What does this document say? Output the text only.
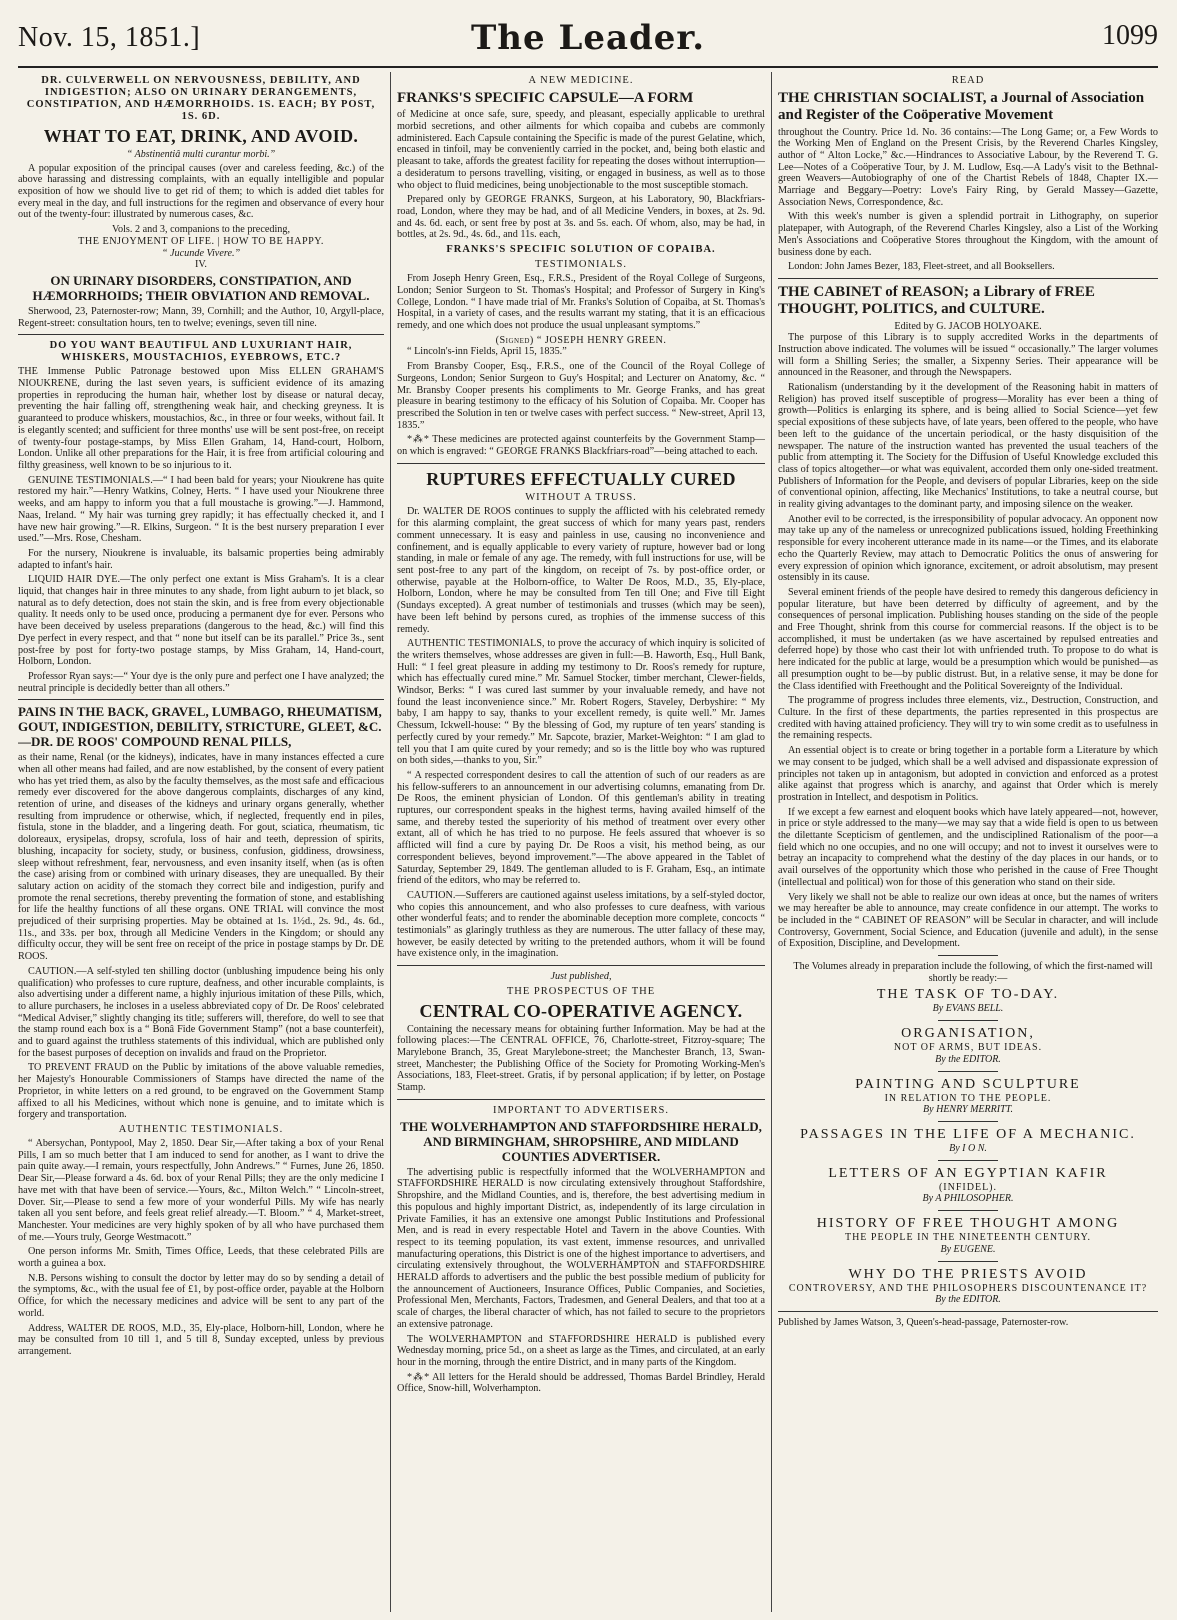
Nov. 15, 1851.]	The Leader.	1099
DR. CULVERWELL ON NERVOUSNESS, DEBILITY, AND INDIGESTION; ALSO ON URINARY DERANGEMENTS, CONSTIPATION, AND HÆMORRHOIDS. 1S. EACH; BY POST, 1S. 6D.
WHAT TO EAT, DRINK, AND AVOID.
“ Abstinentiâ multi curantur morbi.”

A popular exposition of the principal causes (over and careless feeding, &c.) of the above harassing and distressing complaints, with an equally intelligible and popular exposition of how we should live to get rid of them; to which is added diet tables for every meal in the day, and full instructions for the regimen and observance of every hour out of the twenty-four: illustrated by numerous cases, &c.

Vols. 2 and 3, companions to the preceding,
THE ENJOYMENT OF LIFE. | HOW TO BE HAPPY.
“ Jucunde Vivere.”
IV.
ON URINARY DISORDERS, CONSTIPATION, AND HÆMORRHOIDS; THEIR OBVIATION AND REMOVAL.

Sherwood, 23, Paternoster-row; Mann, 39, Cornhill; and the Author, 10, Argyll-place, Regent-street: consultation hours, ten to twelve; evenings, seven till nine.

DO YOU WANT BEAUTIFUL AND LUXURIANT HAIR, WHISKERS, MOUSTACHIOS, EYEBROWS, ETC.?

THE Immense Public Patronage bestowed upon Miss ELLEN GRAHAM'S NIOUKRENE, during the last seven years, is sufficient evidence of its amazing properties in reproducing the human hair, whether lost by disease or natural decay, preventing the hair falling off, strengthening weak hair, and checking greyness. It is guaranteed to produce whiskers, moustachios, &c., in three or four weeks, without fail. It is elegantly scented; and sufficient for three months' use will be sent post-free, on receipt of twenty-four postage-stamps, by Miss Ellen Graham, 14, Hand-court, Holborn, London. Unlike all other preparations for the Hair, it is free from artificial colouring and filthy greasiness, well known to be so injurious to it.

GENUINE TESTIMONIALS.—“ I had been bald for years; your Nioukrene has quite restored my hair.”—Henry Watkins, Colney, Herts. “ I have used your Nioukrene three weeks, and am happy to inform you that a full moustache is growing.”—J. Hammond, Naas, Ireland. “ My hair was turning grey rapidly; it has effectually checked it, and I have new hair growing.”—R. Elkins, Surgeon. “ It is the best nursery preparation I ever used.”—Mrs. Rose, Chesham.

For the nursery, Nioukrene is invaluable, its balsamic properties being admirably adapted to infant's hair.

LIQUID HAIR DYE.—The only perfect one extant is Miss Graham's. It is a clear liquid, that changes hair in three minutes to any shade, from light auburn to jet black, so natural as to defy detection, does not stain the skin, and is free from every objectionable quality. It needs only to be used once, producing a permanent dye for ever. Persons who have been deceived by useless preparations (dangerous to the head, &c.) will find this Dye perfect in every respect, and that “ none but itself can be its parallel.” Price 3s., sent post-free by post for forty-two postage stamps, by Miss Graham, 14, Hand-court, Holborn, London.

Professor Ryan says:—“ Your dye is the only pure and perfect one I have analyzed; the neutral principle is decidedly better than all others.”

PAINS IN THE BACK, GRAVEL, LUMBAGO, RHEUMATISM, GOUT, INDIGESTION, DEBILITY, STRICTURE, GLEET, &C.—DR. DE ROOS' COMPOUND RENAL PILLS,

as their name, Renal (or the kidneys), indicates, have in many instances effected a cure when all other means had failed, and are now established, by the consent of every patient who has yet tried them, as also by the faculty themselves, as the most safe and efficacious remedy ever discovered for the above dangerous complaints, discharges of any kind, retention of urine, and diseases of the kidneys and urinary organs generally, whether resulting from imprudence or otherwise, which, if neglected, frequently end in piles, fistula, stone in the bladder, and a lingering death. For gout, sciatica, rheumatism, tic doloreaux, erysipelas, dropsy, scrofula, loss of hair and teeth, depression of spirits, blushing, incapacity for society, study, or business, confusion, giddiness, drowsiness, sleep without refreshment, fear, nervousness, and even insanity itself, when (as is often the case) arising from or combined with urinary diseases, they are unequalled. By their salutary action on acidity of the stomach they correct bile and indigestion, purify and promote the renal secretions, thereby preventing the formation of stone, and establishing for life the healthy functions of all these organs. ONE TRIAL will convince the most prejudiced of their surprising properties. May be obtained at 1s. 1½d., 2s. 9d., 4s. 6d., 11s., and 33s. per box, through all Medicine Venders in the Kingdom; or should any difficulty occur, they will be sent free on receipt of the price in postage stamps by Dr. DE ROOS.

CAUTION.—A self-styled ten shilling doctor (unblushing impudence being his only qualification) who professes to cure rupture, deafness, and other incurable complaints, is also advertising under a different name, a highly injurious imitation of these Pills, which, to allure purchasers, he incloses in a useless abbreviated copy of Dr. De Roos' celebrated “Medical Adviser,” slightly changing its title; sufferers will, therefore, do well to see that the stamp round each box is a “ Bonâ Fide Government Stamp” (not a base counterfeit), and to guard against the truthless statements of this individual, which are published only for the basest purposes of deception on invalids and fraud on the Proprietor.

TO PREVENT FRAUD on the Public by imitations of the above valuable remedies, her Majesty's Honourable Commissioners of Stamps have directed the name of the Proprietor, in white letters on a red ground, to be engraved on the Government Stamp affixed to all his Medicines, without which none is genuine, and to imitate which is forgery and transportation.

AUTHENTIC TESTIMONIALS.

“ Abersychan, Pontypool, May 2, 1850. Dear Sir,—After taking a box of your Renal Pills, I am so much better that I am induced to send for another, as I want to drive the pain quite away.—I remain, yours respectfully, John Andrews.” “ Furnes, June 26, 1850. Dear Sir,—Please forward a 4s. 6d. box of your Renal Pills; they are the only medicine I have met with that have been of service.—Yours, &c., Milton Welch.” “ Lincoln-street, Dover. Sir,—Please to send a few more of your wonderful Pills. My wife has nearly taken all you sent before, and feels great relief already.—T. Bloom.” “ 4, Market-street, Manchester. Your medicines are very highly spoken of by all who have purchased them of me.—Yours truly, George Westmacott.”

One person informs Mr. Smith, Times Office, Leeds, that these celebrated Pills are worth a guinea a box.

N.B. Persons wishing to consult the doctor by letter may do so by sending a detail of the symptoms, &c., with the usual fee of £1, by post-office order, payable at the Holborn Office, for which the necessary medicines and advice will be sent to any part of the world.

Address, WALTER DE ROOS, M.D., 35, Ely-place, Holborn-hill, London, where he may be consulted from 10 till 1, and 5 till 8, Sunday excepted, unless by previous arrangement.

A NEW MEDICINE.
FRANKS'S SPECIFIC CAPSULE—A FORM

of Medicine at once safe, sure, speedy, and pleasant, especially applicable to urethral morbid secretions, and other ailments for which copaiba and cubebs are commonly administered. Each Capsule containing the Specific is made of the purest Gelatine, which, encased in tinfoil, may be conveniently carried in the pocket, and, being both elastic and pleasant to take, affords the greatest facility for repeating the doses without interruption—a desideratum to persons travelling, visiting, or engaged in business, as well as to those who object to fluid medicines, being unobjectionable to the most susceptible stomach.

Prepared only by GEORGE FRANKS, Surgeon, at his Laboratory, 90, Blackfriars-road, London, where they may be had, and of all Medicine Venders, in boxes, at 2s. 9d. and 4s. 6d. each, or sent free by post at 3s. and 5s. each. Of whom, also, may be had, in bottles, at 2s. 9d., 4s. 6d., and 11s. each,

FRANKS'S SPECIFIC SOLUTION OF COPAIBA.
TESTIMONIALS.

From Joseph Henry Green, Esq., F.R.S., President of the Royal College of Surgeons, London; Senior Surgeon to St. Thomas's Hospital; and Professor of Surgery in King's College, London. “ I have made trial of Mr. Franks's Solution of Copaiba, at St. Thomas's Hospital, in a variety of cases, and the results warrant my stating, that it is an efficacious remedy, and one which does not produce the usual unpleasant symptoms.”

(Signed) “ JOSEPH HENRY GREEN.

“ Lincoln's-inn Fields, April 15, 1835.”

From Bransby Cooper, Esq., F.R.S., one of the Council of the Royal College of Surgeons, London; Senior Surgeon to Guy's Hospital; and Lecturer on Anatomy, &c. “ Mr. Bransby Cooper presents his compliments to Mr. George Franks, and has great pleasure in bearing testimony to the efficacy of his Solution of Copaiba. Mr. Cooper has prescribed the Solution in ten or twelve cases with perfect success. “ New-street, April 13, 1835.”

*⁂* These medicines are protected against counterfeits by the Government Stamp—on which is engraved: “ GEORGE FRANKS Blackfriars-road”—being attached to each.

RUPTURES EFFECTUALLY CURED
WITHOUT A TRUSS.

Dr. WALTER DE ROOS continues to supply the afflicted with his celebrated remedy for this alarming complaint, the great success of which for many years past, renders comment unnecessary. It is easy and painless in use, causing no inconvenience and confinement, and is equally applicable to every variety of rupture, however bad or long standing, in male or female of any age. The remedy, with full instructions for use, will be sent post-free to any part of the kingdom, on receipt of 7s. by post-office order, or otherwise, payable at the Holborn-office, to Walter De Roos, M.D., 35, Ely-place, Holborn, London, where he may be consulted from Ten till One; and Five till Eight (Sundays excepted). A great number of testimonials and trusses (which may be seen), have been left behind by persons cured, as trophies of the immense success of this remedy.

AUTHENTIC TESTIMONIALS, to prove the accuracy of which inquiry is solicited of the writers themselves, whose addresses are given in full:—B. Haworth, Esq., Hull Bank, Hull: “ I feel great pleasure in adding my testimony to Dr. Roos's remedy for rupture, which has effectually cured mine.” Mr. Samuel Stocker, timber merchant, Clewer-fields, Windsor, Berks: “ I was cured last summer by your invaluable remedy, and have not found the least inconvenience since.” Mr. Robert Rogers, Staveley, Derbyshire: “ My baby, I am happy to say, thanks to your excellent remedy, is quite well.” Mr. James Chessum, Ickwell-house: “ By the blessing of God, my rupture of ten years' standing is perfectly cured by your remedy.” Mr. Sapcote, brazier, Market-Weighton: “ I am glad to tell you that I am quite cured by your remedy; and so is the little boy who was ruptured on both sides,—thanks to you, Sir.”

“ A respected correspondent desires to call the attention of such of our readers as are his fellow-sufferers to an announcement in our advertising columns, emanating from Dr. De Roos, the eminent physician of London. Of this gentleman's ability in treating ruptures, our correspondent speaks in the highest terms, having availed himself of the same, and thereby tested the superiority of his method of treatment over every other extant, all of which he has tried to no purpose. He feels assured that whoever is so afflicted will find a cure by paying Dr. De Roos a visit, his method being, as our correspondent believes, beyond improvement.”—The above appeared in the Tablet of Saturday, September 29, 1849. The gentleman alluded to is F. Graham, Esq., an intimate friend of the editors, who may be referred to.

CAUTION.—Sufferers are cautioned against useless imitations, by a self-styled doctor, who copies this announcement, and who also professes to cure deafness, with various other wonderful feats; and to render the abominable deception more complete, concocts “ testimonials” as glaringly truthless as they are numerous. The utter fallacy of these may, however, be easily detected by writing to the pretended authors, whom it will be found have existence only, in the imagination.

Just published,
THE PROSPECTUS OF THE
CENTRAL CO-OPERATIVE AGENCY.

Containing the necessary means for obtaining further Information. May be had at the following places:—The CENTRAL OFFICE, 76, Charlotte-street, Fitzroy-square; The Marylebone Branch, 35, Great Marylebone-street; the Manchester Branch, 13, Swan-street, Manchester; the Publishing Office of the Society for Promoting Working-Men's Associations, 183, Fleet-street. Gratis, if by personal application; if by letter, on Postage Stamp.

IMPORTANT TO ADVERTISERS.
THE WOLVERHAMPTON AND STAFFORDSHIRE HERALD, AND BIRMINGHAM, SHROPSHIRE, AND MIDLAND COUNTIES ADVERTISER.

The advertising public is respectfully informed that the WOLVERHAMPTON and STAFFORDSHIRE HERALD is now circulating extensively throughout Staffordshire, Shropshire, and the Midland Counties, and is, therefore, the best advertising medium in this populous and highly important District, as, independently of its large circulation in Private Families, it has an extensive one amongst Public Institutions and Professional Men, and is read in every respectable Hotel and Tavern in the above Counties. With respect to its teeming population, its vast extent, immense resources, and unrivalled manufacturing operations, this District is one of the highest importance to advertisers, and circulating extensively throughout, the WOLVERHAMPTON and STAFFORDSHIRE HERALD affords to advertisers and the public the best possible medium of publicity for the announcement of Auctioneers, Insurance Offices, Public Companies, and Societies, Professional Men, Merchants, Factors, Tradesmen, and General Dealers, and that too at a scale of charges, the liberal character of which, has not failed to secure to the proprietors an extensive patronage.

The WOLVERHAMPTON and STAFFORDSHIRE HERALD is published every Wednesday morning, price 5d., on a sheet as large as the Times, and circulated, at an early hour in the morning, through the entire District, and in many parts of the Kingdom.

*⁂* All letters for the Herald should be addressed, Thomas Bardel Brindley, Herald Office, Snow-hill, Wolverhampton.

READ
THE CHRISTIAN SOCIALIST, a Journal of Association and Register of the Coöperative Movement

throughout the Country. Price 1d. No. 36 contains:—The Long Game; or, a Few Words to the Working Men of England on the Present Crisis, by the Reverend Charles Kingsley, author of “ Alton Locke,” &c.—Hindrances to Associative Labour, by the Reverend T. G. Lee—Notes of a Coöperative Tour, by J. M. Ludlow, Esq.—A Lady's visit to the Bethnal-green Weavers—Autobiography of one of the Chartist Rebels of 1848, Chapter IX.—Marriage and Beggary—Poetry: Love's Fairy Ring, by Gerald Massey—Gazette, Association News, Correspondence, &c.

With this week's number is given a splendid portrait in Lithography, on superior platepaper, with Autograph, of the Reverend Charles Kingsley, also a List of the Working Men's Associations and Coöperative Stores throughout the Kingdom, with the amount of business done by each.

London: John James Bezer, 183, Fleet-street, and all Booksellers.

THE CABINET of REASON; a Library of FREE THOUGHT, POLITICS, and CULTURE.
Edited by G. JACOB HOLYOAKE.

The purpose of this Library is to supply accredited Works in the departments of Instruction above indicated. The volumes will be issued “ occasionally.” The larger volumes will form a Shilling Series; the smaller, a Sixpenny Series. Their appearance will be announced in the Reasoner, and through the Newspapers.

Rationalism (understanding by it the development of the Reasoning habit in matters of Religion) has proved itself susceptible of progress—Morality has ever been a thing of growth—Politics is enlarging its sphere, and is being allied to Social Science—yet few special expositions of these subjects have, of late years, been offered to the people, who have been left to the guidance of the uncertain periodical, or the hasty disquisition of the newspaper. The nature of the instruction wanted has prevented the usual teachers of the public from attempting it. The Society for the Diffusion of Useful Knowledge excluded this class of topics altogether—or what was equivalent, accorded them only one-sided treatment. Publishers of Information for the People, and devisers of popular Libraries, keep on the side of conventional opinion, affecting, like Mechanics' Institutions, to take a neutral course, but in reality giving advantages to the dominant party, and imposing silence on the weaker.

Another evil to be corrected, is the irresponsibility of popular advocacy. An opponent now may take up any of the nameless or unrecognized publications issued, holding Freethinking responsible for every incoherent utterance made in its name—or the Times, and its elaborate echo the Quarterly Review, may attach to Democratic Politics the onus of answering for every expression of opinion which ignorance, excitement, or adroit absolutism, may present ostensibly in its cause.

Several eminent friends of the people have desired to remedy this dangerous deficiency in popular literature, but have been deterred by difficulty of agreement, and by the consequences of personal implication. Publishing houses standing on the side of the people and Free Thought, shrink from this course for commercial reasons. If the object is to be accomplished, it must be undertaken (as we have ascertained by repulsed entreaties and deferred hope) by those who cast their lot with unfriended truth. To propose to do what is here indicated for the public at large, would be a presumption which would be punished—as all presumption ought to be—by public distrust. But, in a relative sense, it may be done for the Class identified with Freethought and the Political Sovereignty of the Individual.

The programme of progress includes three elements, viz., Destruction, Construction, and Culture. In the first of these departments, the parties represented in this prospectus are credited with having attained proficiency. They will try to win some credit as to usefulness in the remaining respects.

An essential object is to create or bring together in a portable form a Literature by which we may consent to be judged, which shall be a well advised and dispassionate expression of principles not taken up in antagonism, but adopted in conviction and enforced as a protest alike against that progress which is anarchy, and against that Order which is merely prostration in Intellect, and despotism in Politics.

If we except a few earnest and eloquent books which have lately appeared—not, however, in price or style addressed to the many—we may say that a wide field is open to us between the dilettante Scepticism of gentlemen, and the undisciplined Rationalism of the poor—a field which no one occupies, and no one will occupy; and not to invest it ourselves were to betray an incapacity to comprehend what the destiny of the day places in our hands, or to avail ourselves of the opportunity which those who perished in the cause of Free Thought (intellectual and political) won for those of this generation who stand on their side.

Very likely we shall not be able to realize our own ideas at once, but the names of writers we may hereafter be able to announce, may create confidence in our attempt. The works to be included in the “ CABINET OF REASON” will be Secular in character, and will include Controversy, Government, Social Science, and Education (juvenile and adult), in the sense of Exposition, Discipline, and Development.

The Volumes already in preparation include the following, of which the first-named will shortly be ready:—

THE TASK OF TO-DAY.
By EVANS BELL.
ORGANISATION,
NOT OF ARMS, BUT IDEAS.
By the EDITOR.
PAINTING AND SCULPTURE
IN RELATION TO THE PEOPLE.
By HENRY MERRITT.
PASSAGES IN THE LIFE OF A MECHANIC.
By I O N.
LETTERS OF AN EGYPTIAN KAFIR
(INFIDEL).
By A PHILOSOPHER.
HISTORY OF FREE THOUGHT AMONG
THE PEOPLE IN THE NINETEENTH CENTURY.
By EUGENE.
WHY DO THE PRIESTS AVOID
CONTROVERSY, AND THE PHILOSOPHERS DISCOUNTENANCE IT?
By the EDITOR.

Published by James Watson, 3, Queen's-head-passage, Paternoster-row.
